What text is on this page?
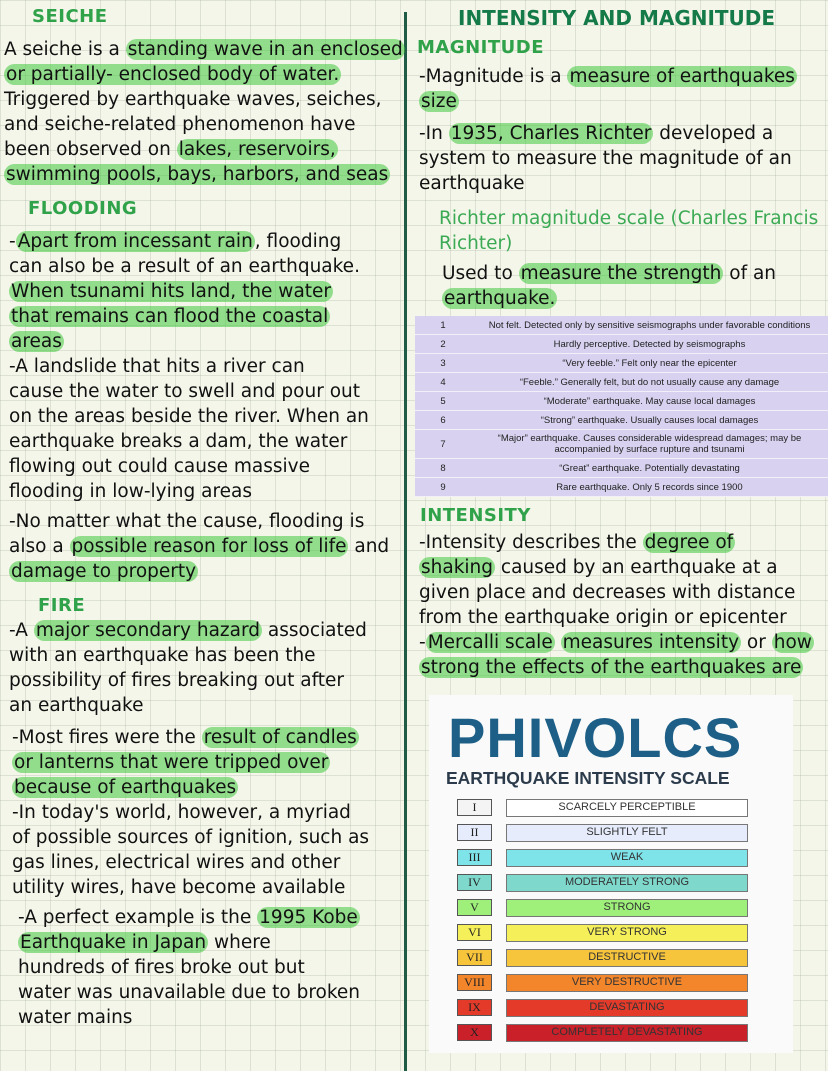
SEICHE
A seiche is a standing wave in an enclosed
or partially- enclosed body of water.
Triggered by earthquake waves, seiches,
and seiche-related phenomenon have
been observed on lakes, reservoirs,
swimming pools, bays, harbors, and seas
FLOODING
- Apart from incessant rain , flooding
can also be a result of an earthquake.
When tsunami hits land, the water
that remains can flood the coastal
areas
-A landslide that hits a river can
cause the water to swell and pour out
on the areas beside the river. When an
earthquake breaks a dam, the water
flowing out could cause massive
flooding in low-lying areas
-No matter what the cause, flooding is
also a possible reason for loss of life and
damage to property
FIRE
-A major secondary hazard associated
with an earthquake has been the
possibility of fires breaking out after
an earthquake
-Most fires were the result of candles
or lanterns that were tripped over
because of earthquakes
-In today's world, however, a myriad
of possible sources of ignition, such as
gas lines, electrical wires and other
utility wires, have become available
-A perfect example is the 1995 Kobe
Earthquake in Japan where
hundreds of fires broke out but
water was unavailable due to broken
water mains
INTENSITY AND MAGNITUDE
MAGNITUDE
-Magnitude is a measure of earthquakes
size
-In 1935, Charles Richter developed a
system to measure the magnitude of an
earthquake
Richter magnitude scale (Charles Francis
Richter)
Used to measure the strength of an
earthquake.
1	Not felt. Detected only by sensitive seismographs under favorable conditions
2	Hardly perceptive. Detected by seismographs
3	“Very feeble.” Felt only near the epicenter
4	“Feeble.” Generally felt, but do not usually cause any damage
5	“Moderate” earthquake. May cause local damages
6	“Strong” earthquake. Usually causes local damages
7	“Major” earthquake. Causes considerable widespread damages; may be accompanied by surface rupture and tsunami
8	“Great” earthquake. Potentially devastating
9	Rare earthquake. Only 5 records since 1900
INTENSITY
-Intensity describes the degree of
shaking caused by an earthquake at a
given place and decreases with distance
from the earthquake origin or epicenter
- Mercalli scale measures intensity or how
strong the effects of the earthquakes are
PHIVOLCS
EARTHQUAKE INTENSITY SCALE
I	SCARCELY PERCEPTIBLE
II	SLIGHTLY FELT
III	WEAK
IV	MODERATELY STRONG
V	STRONG
VI	VERY STRONG
VII	DESTRUCTIVE
VIII	VERY DESTRUCTIVE
IX	DEVASTATING
X	COMPLETELY DEVASTATING
